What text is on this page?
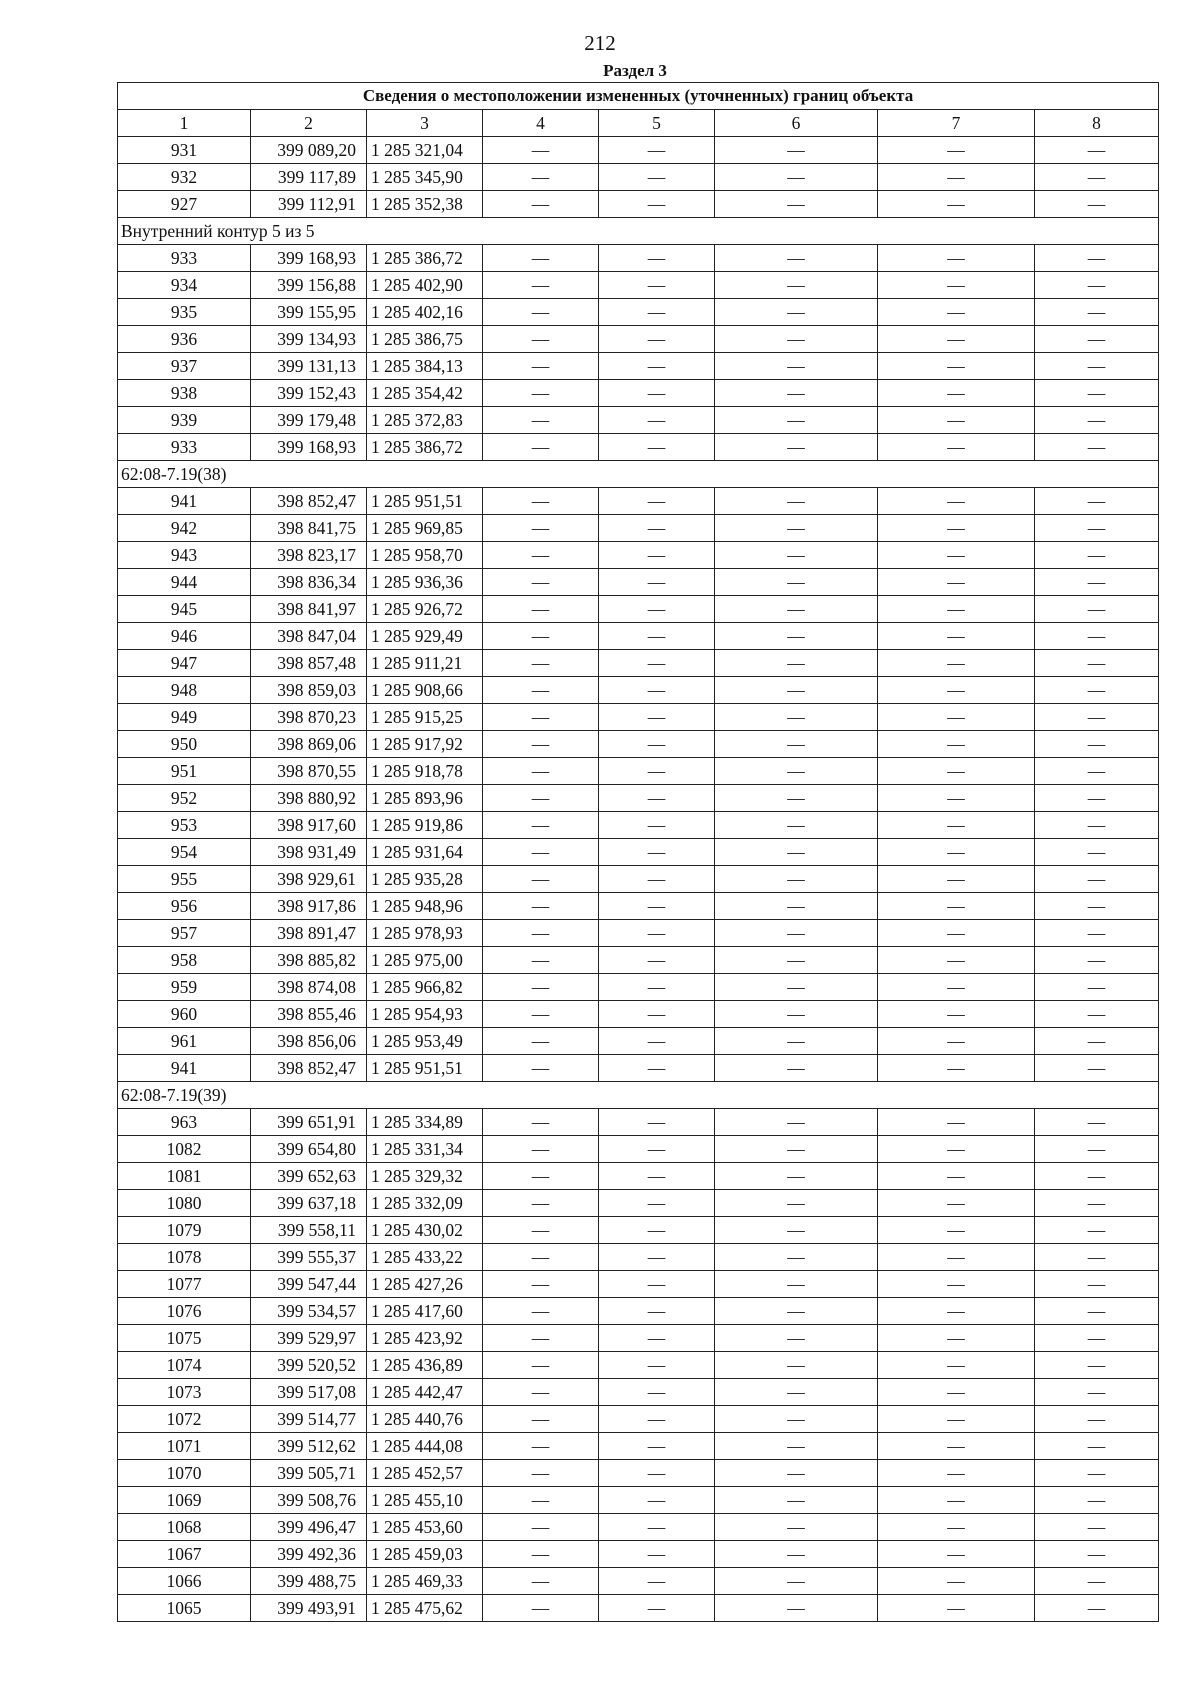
212
Раздел 3
Сведения о местоположении измененных (уточненных) границ объекта							
1	2	3	4	5	6	7	8
931	399 089,20	1 285 321,04	—	—	—	—	—
932	399 117,89	1 285 345,90	—	—	—	—	—
927	399 112,91	1 285 352,38	—	—	—	—	—
Внутренний контур 5 из 5							
933	399 168,93	1 285 386,72	—	—	—	—	—
934	399 156,88	1 285 402,90	—	—	—	—	—
935	399 155,95	1 285 402,16	—	—	—	—	—
936	399 134,93	1 285 386,75	—	—	—	—	—
937	399 131,13	1 285 384,13	—	—	—	—	—
938	399 152,43	1 285 354,42	—	—	—	—	—
939	399 179,48	1 285 372,83	—	—	—	—	—
933	399 168,93	1 285 386,72	—	—	—	—	—
62:08-7.19(38)							
941	398 852,47	1 285 951,51	—	—	—	—	—
942	398 841,75	1 285 969,85	—	—	—	—	—
943	398 823,17	1 285 958,70	—	—	—	—	—
944	398 836,34	1 285 936,36	—	—	—	—	—
945	398 841,97	1 285 926,72	—	—	—	—	—
946	398 847,04	1 285 929,49	—	—	—	—	—
947	398 857,48	1 285 911,21	—	—	—	—	—
948	398 859,03	1 285 908,66	—	—	—	—	—
949	398 870,23	1 285 915,25	—	—	—	—	—
950	398 869,06	1 285 917,92	—	—	—	—	—
951	398 870,55	1 285 918,78	—	—	—	—	—
952	398 880,92	1 285 893,96	—	—	—	—	—
953	398 917,60	1 285 919,86	—	—	—	—	—
954	398 931,49	1 285 931,64	—	—	—	—	—
955	398 929,61	1 285 935,28	—	—	—	—	—
956	398 917,86	1 285 948,96	—	—	—	—	—
957	398 891,47	1 285 978,93	—	—	—	—	—
958	398 885,82	1 285 975,00	—	—	—	—	—
959	398 874,08	1 285 966,82	—	—	—	—	—
960	398 855,46	1 285 954,93	—	—	—	—	—
961	398 856,06	1 285 953,49	—	—	—	—	—
941	398 852,47	1 285 951,51	—	—	—	—	—
62:08-7.19(39)							
963	399 651,91	1 285 334,89	—	—	—	—	—
1082	399 654,80	1 285 331,34	—	—	—	—	—
1081	399 652,63	1 285 329,32	—	—	—	—	—
1080	399 637,18	1 285 332,09	—	—	—	—	—
1079	399 558,11	1 285 430,02	—	—	—	—	—
1078	399 555,37	1 285 433,22	—	—	—	—	—
1077	399 547,44	1 285 427,26	—	—	—	—	—
1076	399 534,57	1 285 417,60	—	—	—	—	—
1075	399 529,97	1 285 423,92	—	—	—	—	—
1074	399 520,52	1 285 436,89	—	—	—	—	—
1073	399 517,08	1 285 442,47	—	—	—	—	—
1072	399 514,77	1 285 440,76	—	—	—	—	—
1071	399 512,62	1 285 444,08	—	—	—	—	—
1070	399 505,71	1 285 452,57	—	—	—	—	—
1069	399 508,76	1 285 455,10	—	—	—	—	—
1068	399 496,47	1 285 453,60	—	—	—	—	—
1067	399 492,36	1 285 459,03	—	—	—	—	—
1066	399 488,75	1 285 469,33	—	—	—	—	—
1065	399 493,91	1 285 475,62	—	—	—	—	—
